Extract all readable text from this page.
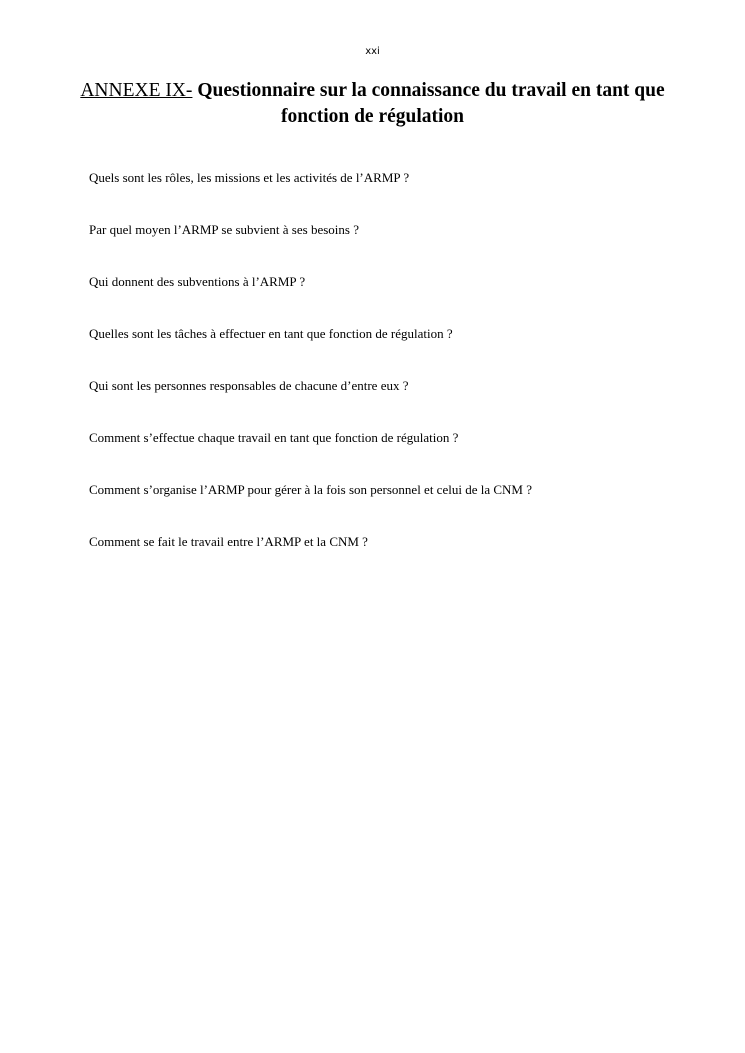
xxi
ANNEXE IX- Questionnaire sur la connaissance du travail en tant que fonction de régulation
Quels sont les rôles, les missions et les activités de l’ARMP ?
Par quel moyen l’ARMP se subvient à ses besoins ?
Qui donnent des subventions à l’ARMP ?
Quelles sont les tâches à effectuer en tant que fonction de régulation ?
Qui sont les personnes responsables de chacune d’entre eux ?
Comment s’effectue chaque travail en tant que fonction de régulation ?
Comment s’organise l’ARMP pour gérer à la fois son personnel et celui de la CNM ?
Comment se fait le travail entre l’ARMP et la CNM ?
